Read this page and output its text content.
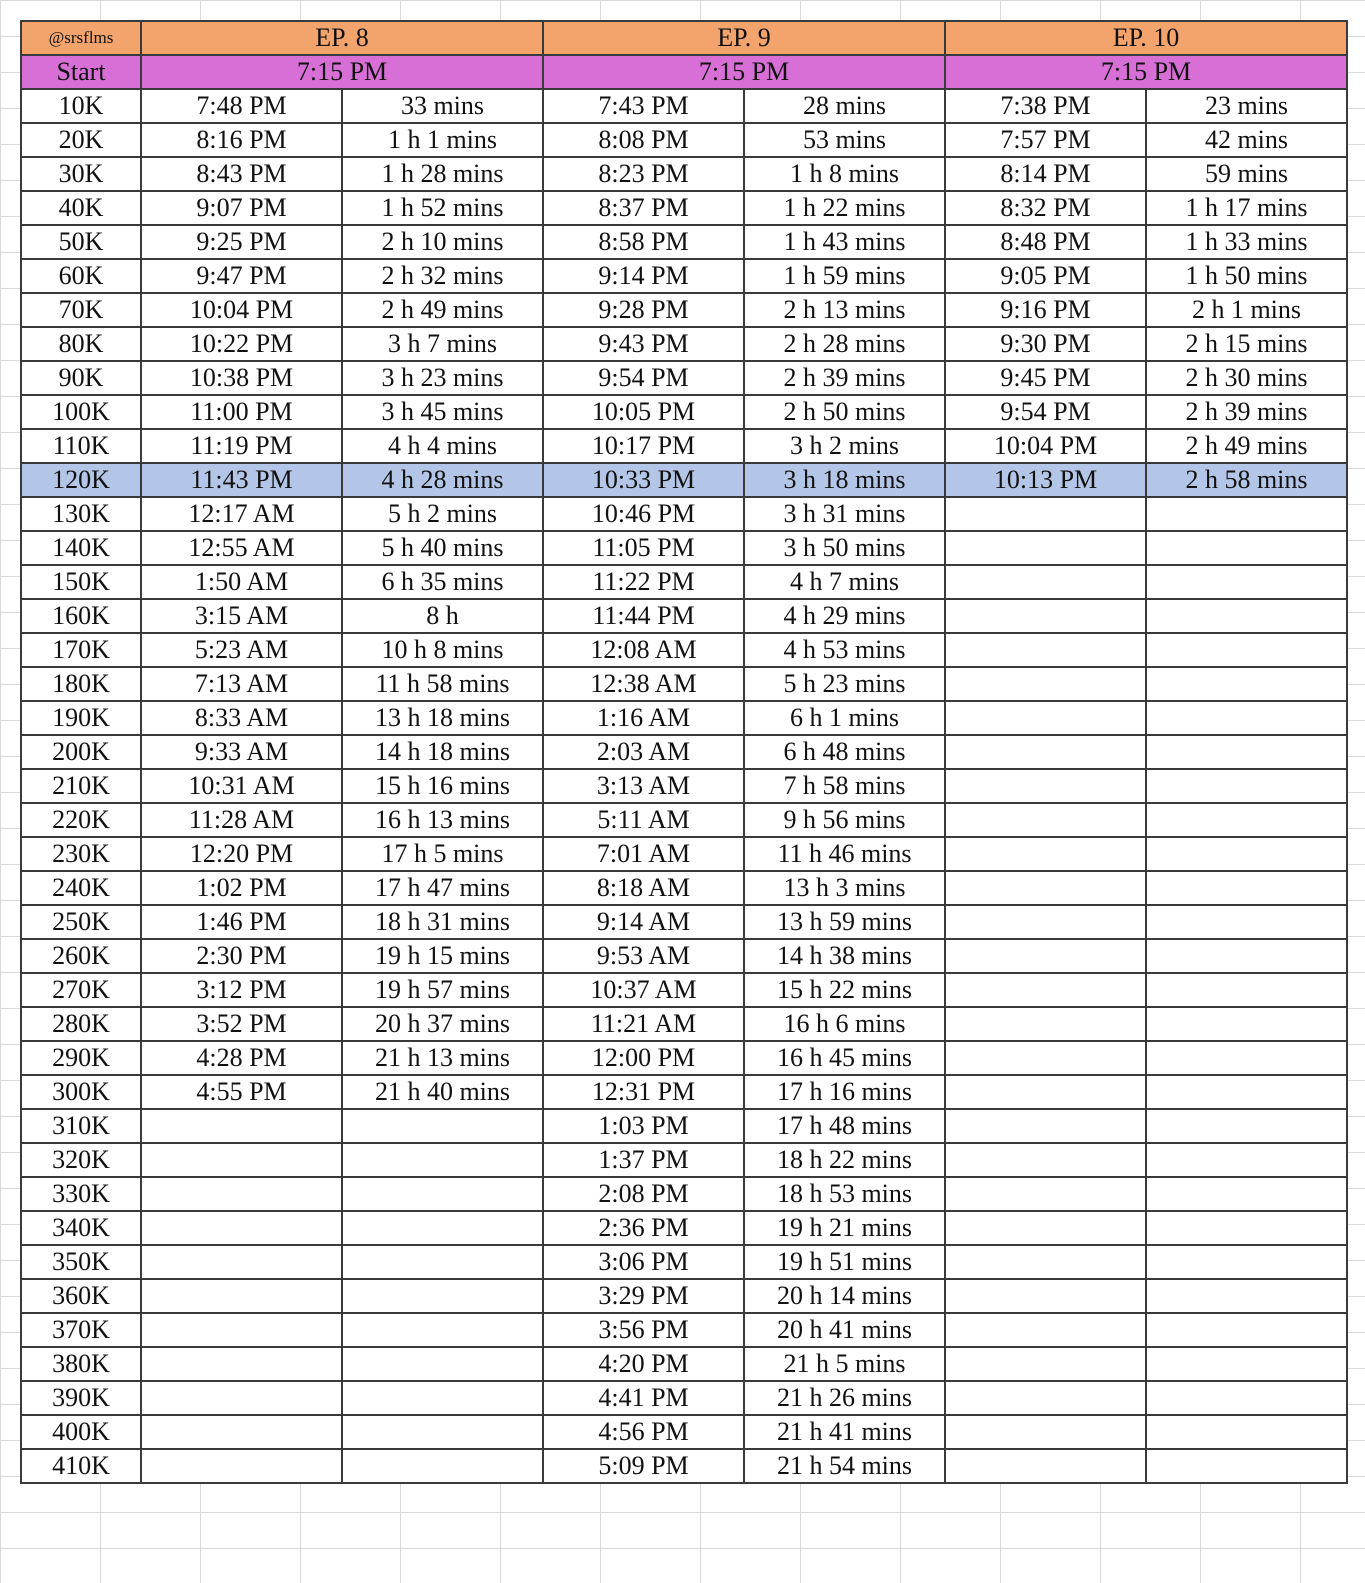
@srsflms	EP. 8		EP. 9		EP. 10	
Start	7:15 PM		7:15 PM		7:15 PM	
10K	7:48 PM	33 mins	7:43 PM	28 mins	7:38 PM	23 mins
20K	8:16 PM	1 h 1 mins	8:08 PM	53 mins	7:57 PM	42 mins
30K	8:43 PM	1 h 28 mins	8:23 PM	1 h 8 mins	8:14 PM	59 mins
40K	9:07 PM	1 h 52 mins	8:37 PM	1 h 22 mins	8:32 PM	1 h 17 mins
50K	9:25 PM	2 h 10 mins	8:58 PM	1 h 43 mins	8:48 PM	1 h 33 mins
60K	9:47 PM	2 h 32 mins	9:14 PM	1 h 59 mins	9:05 PM	1 h 50 mins
70K	10:04 PM	2 h 49 mins	9:28 PM	2 h 13 mins	9:16 PM	2 h 1 mins
80K	10:22 PM	3 h 7 mins	9:43 PM	2 h 28 mins	9:30 PM	2 h 15 mins
90K	10:38 PM	3 h 23 mins	9:54 PM	2 h 39 mins	9:45 PM	2 h 30 mins
100K	11:00 PM	3 h 45 mins	10:05 PM	2 h 50 mins	9:54 PM	2 h 39 mins
110K	11:19 PM	4 h 4 mins	10:17 PM	3 h 2 mins	10:04 PM	2 h 49 mins
120K	11:43 PM	4 h 28 mins	10:33 PM	3 h 18 mins	10:13 PM	2 h 58 mins
130K	12:17 AM	5 h 2 mins	10:46 PM	3 h 31 mins		
140K	12:55 AM	5 h 40 mins	11:05 PM	3 h 50 mins		
150K	1:50 AM	6 h 35 mins	11:22 PM	4 h 7 mins		
160K	3:15 AM	8 h	11:44 PM	4 h 29 mins		
170K	5:23 AM	10 h 8 mins	12:08 AM	4 h 53 mins		
180K	7:13 AM	11 h 58 mins	12:38 AM	5 h 23 mins		
190K	8:33 AM	13 h 18 mins	1:16 AM	6 h 1 mins		
200K	9:33 AM	14 h 18 mins	2:03 AM	6 h 48 mins		
210K	10:31 AM	15 h 16 mins	3:13 AM	7 h 58 mins		
220K	11:28 AM	16 h 13 mins	5:11 AM	9 h 56 mins		
230K	12:20 PM	17 h 5 mins	7:01 AM	11 h 46 mins		
240K	1:02 PM	17 h 47 mins	8:18 AM	13 h 3 mins		
250K	1:46 PM	18 h 31 mins	9:14 AM	13 h 59 mins		
260K	2:30 PM	19 h 15 mins	9:53 AM	14 h 38 mins		
270K	3:12 PM	19 h 57 mins	10:37 AM	15 h 22 mins		
280K	3:52 PM	20 h 37 mins	11:21 AM	16 h 6 mins		
290K	4:28 PM	21 h 13 mins	12:00 PM	16 h 45 mins		
300K	4:55 PM	21 h 40 mins	12:31 PM	17 h 16 mins		
310K			1:03 PM	17 h 48 mins		
320K			1:37 PM	18 h 22 mins		
330K			2:08 PM	18 h 53 mins		
340K			2:36 PM	19 h 21 mins		
350K			3:06 PM	19 h 51 mins		
360K			3:29 PM	20 h 14 mins		
370K			3:56 PM	20 h 41 mins		
380K			4:20 PM	21 h 5 mins		
390K			4:41 PM	21 h 26 mins		
400K			4:56 PM	21 h 41 mins		
410K			5:09 PM	21 h 54 mins		
